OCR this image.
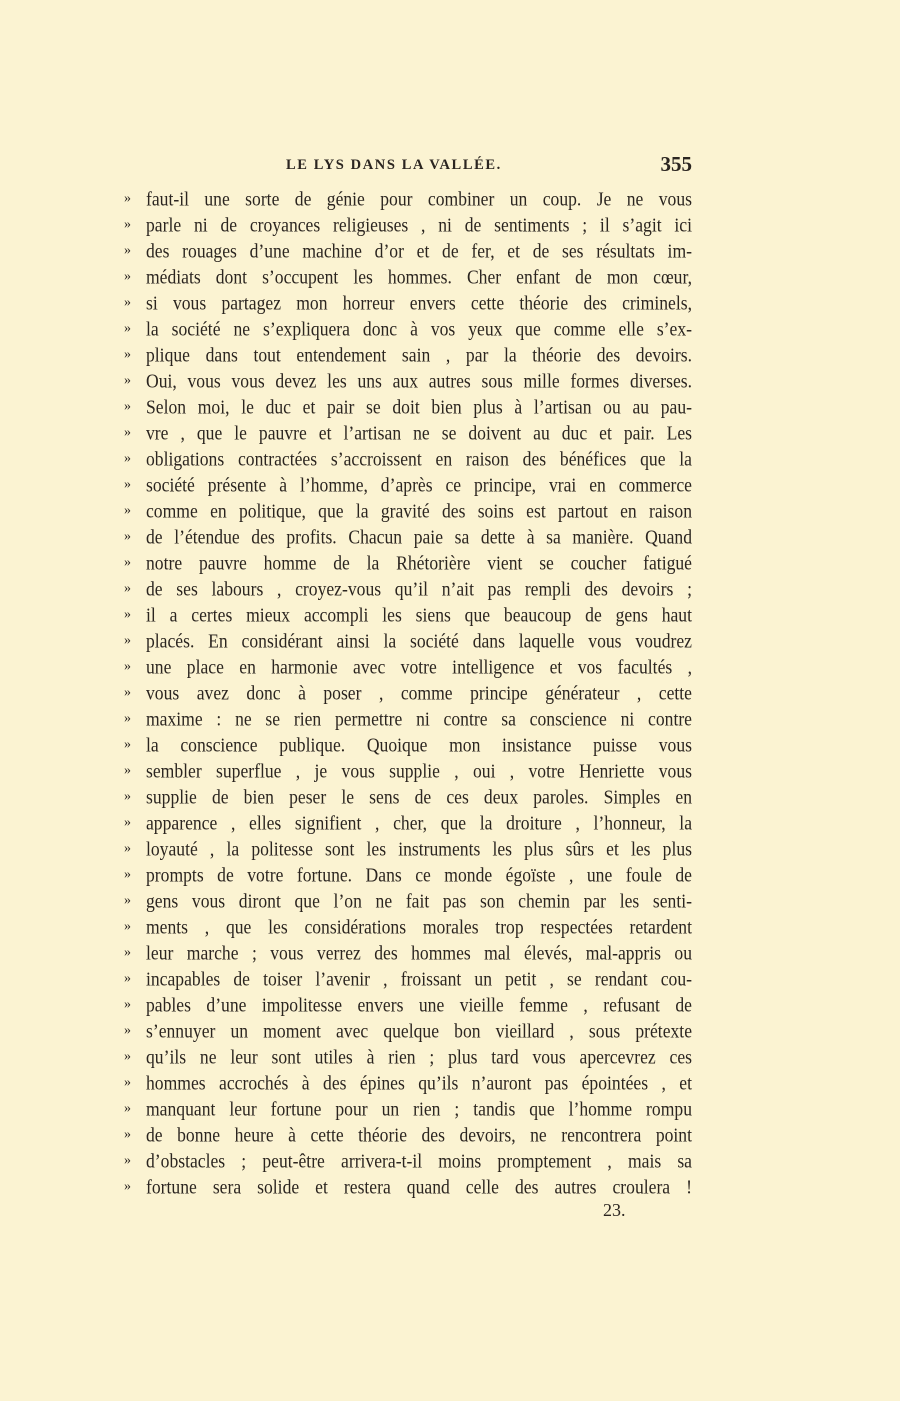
LE LYS DANS LA VALLÉE.	355
» faut-il une sorte de génie pour combiner un coup. Je ne vous
» parle ni de croyances religieuses , ni de sentiments ; il s’agit ici
» des rouages d’une machine d’or et de fer, et de ses résultats im-
» médiats dont s’occupent les hommes. Cher enfant de mon cœur,
» si vous partagez mon horreur envers cette théorie des criminels,
» la société ne s’expliquera donc à vos yeux que comme elle s’ex-
» plique dans tout entendement sain , par la théorie des devoirs.
» Oui, vous vous devez les uns aux autres sous mille formes diverses.
» Selon moi, le duc et pair se doit bien plus à l’artisan ou au pau-
» vre , que le pauvre et l’artisan ne se doivent au duc et pair. Les
» obligations contractées s’accroissent en raison des bénéfices que la
» société présente à l’homme, d’après ce principe, vrai en commerce
» comme en politique, que la gravité des soins est partout en raison
» de l’étendue des profits. Chacun paie sa dette à sa manière. Quand
» notre pauvre homme de la Rhétorière vient se coucher fatigué
» de ses labours , croyez-vous qu’il n’ait pas rempli des devoirs ;
» il a certes mieux accompli les siens que beaucoup de gens haut
» placés. En considérant ainsi la société dans laquelle vous voudrez
» une place en harmonie avec votre intelligence et vos facultés ,
» vous avez donc à poser , comme principe générateur , cette
» maxime : ne se rien permettre ni contre sa conscience ni contre
» la conscience publique. Quoique mon insistance puisse vous
» sembler superflue , je vous supplie , oui , votre Henriette vous
» supplie de bien peser le sens de ces deux paroles. Simples en
» apparence , elles signifient , cher, que la droiture , l’honneur, la
» loyauté , la politesse sont les instruments les plus sûrs et les plus
» prompts de votre fortune. Dans ce monde égoïste , une foule de
» gens vous diront que l’on ne fait pas son chemin par les senti-
» ments , que les considérations morales trop respectées retardent
» leur marche ; vous verrez des hommes mal élevés, mal-appris ou
» incapables de toiser l’avenir , froissant un petit , se rendant cou-
» pables d’une impolitesse envers une vieille femme , refusant de
» s’ennuyer un moment avec quelque bon vieillard , sous prétexte
» qu’ils ne leur sont utiles à rien ; plus tard vous apercevrez ces
» hommes accrochés à des épines qu’ils n’auront pas épointées , et
» manquant leur fortune pour un rien ; tandis que l’homme rompu
» de bonne heure à cette théorie des devoirs, ne rencontrera point
» d’obstacles ; peut-être arrivera-t-il moins promptement , mais sa
» fortune sera solide et restera quand celle des autres croulera !
23.
